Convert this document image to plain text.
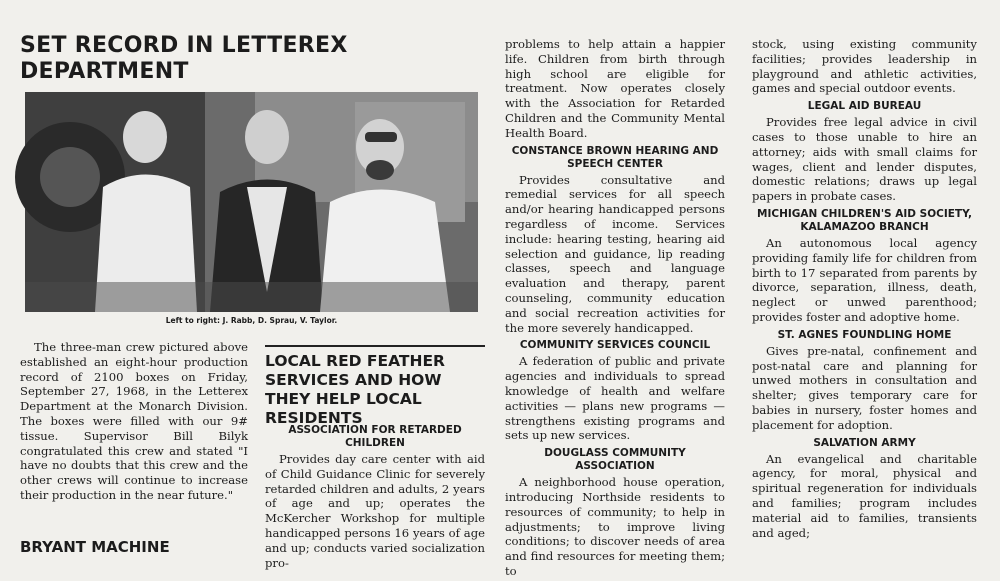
SET RECORD IN LETTEREX DEPARTMENT
Left to right: J. Rabb, D. Sprau, V. Taylor.
The three-man crew pictured above established an eight-hour production record of 2100 boxes on Friday, September 27, 1968, in the Letterex Department at the Monarch Division. The boxes were filled with our 9# tissue. Supervisor Bill Bilyk congratulated this crew and stated "I have no doubts that this crew and the other crews will continue to increase their production in the near future."
BRYANT MACHINE
LOCAL RED FEATHER SERVICES AND HOW THEY HELP LOCAL RESIDENTS
ASSOCIATION FOR RETARDED CHILDREN
Provides day care center with aid of Child Guidance Clinic for severely retarded children and adults, 2 years of age and up; operates the McKercher Workshop for multiple handicapped persons 16 years of age and up; conducts varied socialization pro-
problems to help attain a happier life. Children from birth through high school are eligible for treatment. Now operates closely with the Association for Retarded Children and the Community Mental Health Board.
CONSTANCE BROWN HEARING AND SPEECH CENTER
Provides consultative and remedial services for all speech and/or hearing handicapped persons regardless of income. Services include: hearing testing, hearing aid selection and guidance, lip reading classes, speech and language evaluation and therapy, parent counseling, community education and social recreation activities for the more severely handicapped.
COMMUNITY SERVICES COUNCIL
A federation of public and private agencies and individuals to spread knowledge of health and welfare activities — plans new programs — strengthens existing programs and sets up new services.
DOUGLASS COMMUNITY ASSOCIATION
A neighborhood house operation, introducing Northside residents to resources of community; to help in adjustments; to improve living conditions; to discover needs of area and find resources for meeting them; to
stock, using existing community facilities; provides leadership in playground and athletic activities, games and special outdoor events.
LEGAL AID BUREAU
Provides free legal advice in civil cases to those unable to hire an attorney; aids with small claims for wages, client and lender disputes, domestic relations; draws up legal papers in probate cases.
MICHIGAN CHILDREN'S AID SOCIETY, KALAMAZOO BRANCH
An autonomous local agency providing family life for children from birth to 17 separated from parents by divorce, separation, illness, death, neglect or unwed parenthood; provides foster and adoptive home.
ST. AGNES FOUNDLING HOME
Gives pre-natal, confinement and post-natal care and planning for unwed mothers in consultation and shelter; gives temporary care for babies in nursery, foster homes and placement for adoption.
SALVATION ARMY
An evangelical and charitable agency, for moral, physical and spiritual regeneration for individuals and families; program includes material aid to families, transients and aged;
